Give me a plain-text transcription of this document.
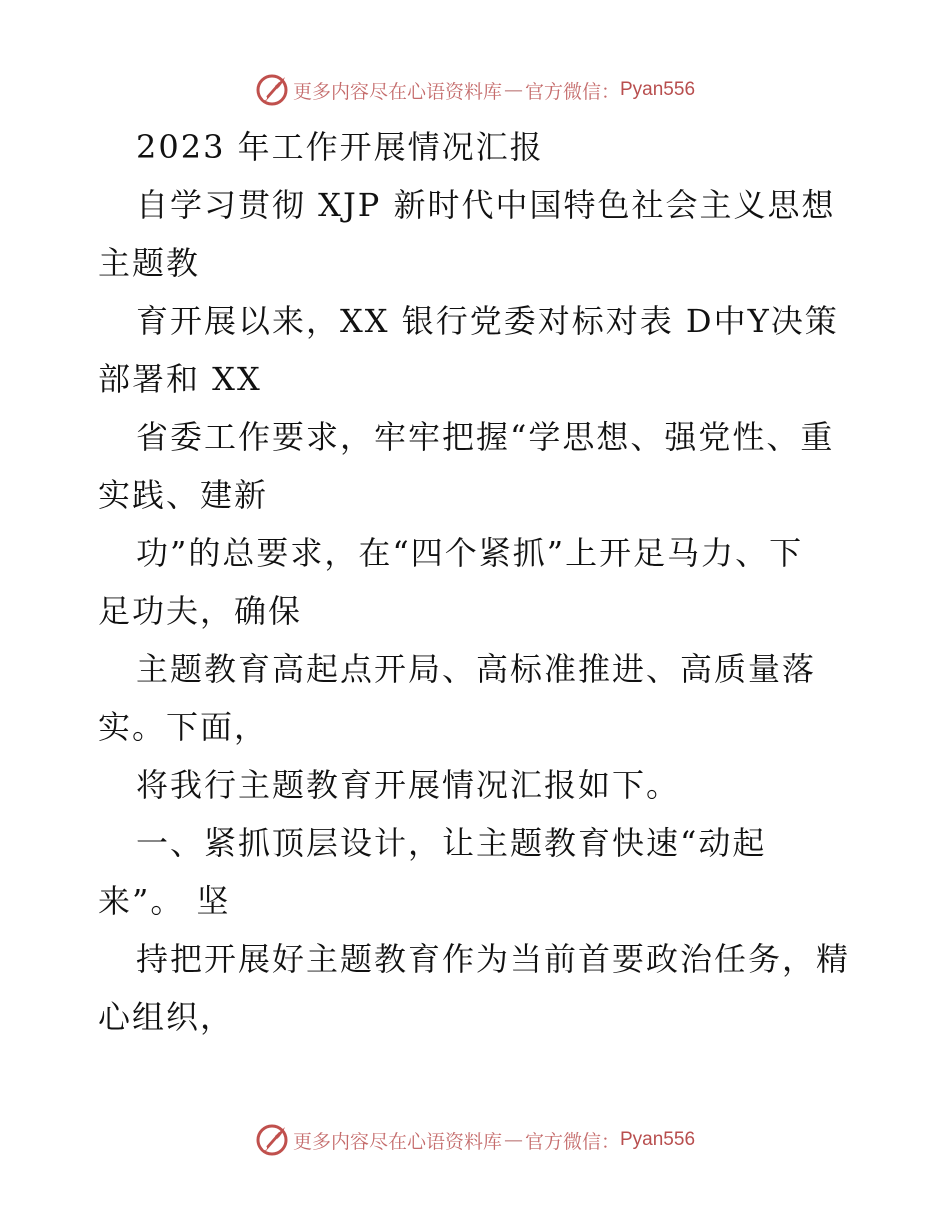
更多内容尽在心语资料库 — 官方微信： Pyan556
2023 年工作开展情况汇报
自学习贯彻 XJP 新时代中国特色社会主义思想
主题教
育开展以来，XX 银行党委对标对表 D中Y决策
部署和 XX
省委工作要求，牢牢把握“学思想、强党性、重
实践、建新
功”的总要求，在“四个紧抓”上开足马力、下
足功夫，确保
主题教育高起点开局、高标准推进、高质量落
实。下面，
将我行主题教育开展情况汇报如下。
一、紧抓顶层设计，让主题教育快速“动起
来”。 坚
持把开展好主题教育作为当前首要政治任务，精
心组织，
更多内容尽在心语资料库 — 官方微信： Pyan556
